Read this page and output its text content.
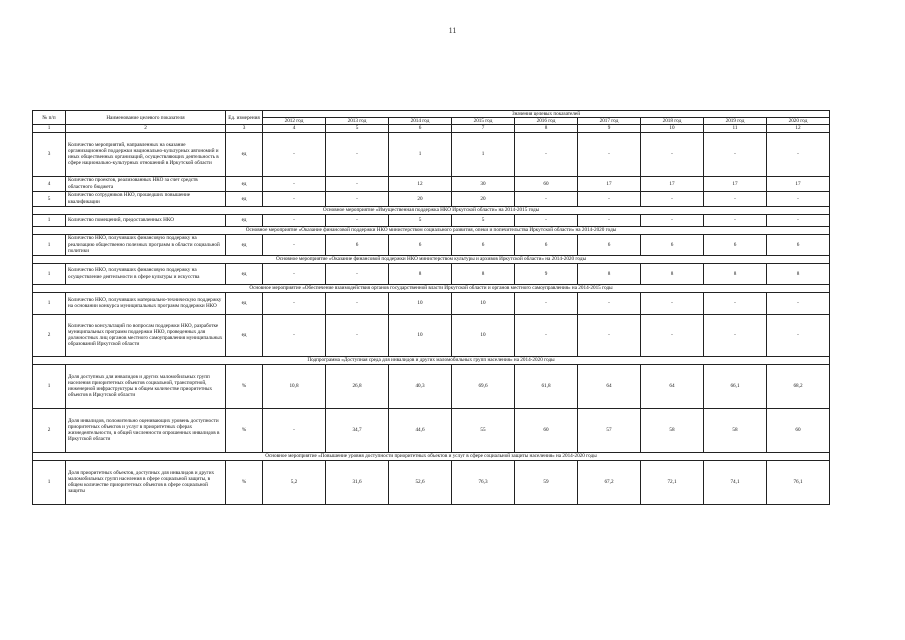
11
№ п/п	Наименование целевого показателя	Ед. измерения	Значения целевых показателей								
			2012 год	2013 год	2014 год	2015 год	2016 год	2017 год	2018 год	2019 год	2020 год
1	2	3	4	5	6	7	8	9	10	11	12
3	Количество мероприятий, направленных на оказание организационной поддержки национально-культурных автономий и иных общественных организаций, осуществляющих деятельность в сфере национально-культурных отношений в Иркутской области	ед	-	-	1	1	-	-	-	-	-
4	Количество проектов, реализованных НКО за счет средств областного бюджета	ед	-	-	12	30	60	17	17	17	17
5	Количество сотрудников НКО, прошедших повышение квалификации	ед	-	-	20	20	-	-	-	-	-
Основное мероприятие «Имущественная поддержка НКО Иркутской области» на 2014-2015 годы											
1	Количество помещений, предоставленных НКО	ед	-	-	5	5	-	-	-	-	-
Основное мероприятие «Оказание финансовой поддержки НКО министерством социального развития, опеки и попечительства Иркутской области» на 2014-2020 годы											
1	Количество НКО, получивших финансовую поддержку на реализацию общественно полезных программ в области социальной политики	ед	-	6	6	6	6	6	6	6	6
Основное мероприятие «Оказание финансовой поддержки НКО министерством культуры и архивов Иркутской области» на 2014-2020 годы											
1	Количество НКО, получивших финансовую поддержку на осуществление деятельности в сфере культуры и искусства	ед	-	-	8	8	9	8	8	8	8
Основное мероприятие «Обеспечение взаимодействия органов государственной власти Иркутской области и органов местного самоуправления» на 2014-2015 годы											
1	Количество НКО, получивших материально-техническую поддержку на основании конкурса муниципальных программ поддержки НКО	ед	-	-	10	10	-	-	-	-	-
2	Количество консультаций по вопросам поддержки НКО, разработке муниципальных программ поддержки НКО, проведенных для должностных лиц органов местного самоуправления муниципальных образований Иркутской области	ед	-	-	10	10	-	-	-	-	-
Подпрограмма «Доступная среда для инвалидов и других маломобильных групп населения» на 2014-2020 годы											
1	Доля доступных для инвалидов и других маломобильных групп населения приоритетных объектов социальной, транспортной, инженерной инфраструктуры в общем количестве приоритетных объектов в Иркутской области	%	10,8	26,8	40,3	69,6	61,8	64	64	66,1	68,2
2	Доля инвалидов, положительно оценивающих уровень доступности приоритетных объектов и услуг в приоритетных сферах жизнедеятельности, в общей численности опрошенных инвалидов в Иркутской области	%	-	34,7	44,6	55	60	57	58	58	60
Основное мероприятие «Повышение уровня доступности приоритетных объектов и услуг в сфере социальной защиты населения» на 2014-2020 годы											
1	Доля приоритетных объектов, доступных для инвалидов и других маломобильных групп населения в сфере социальной защиты, в общем количестве приоритетных объектов в сфере социальной защиты	%	5,2	31,6	52,6	76,3	59	67,2	72,1	74,1	76,1
